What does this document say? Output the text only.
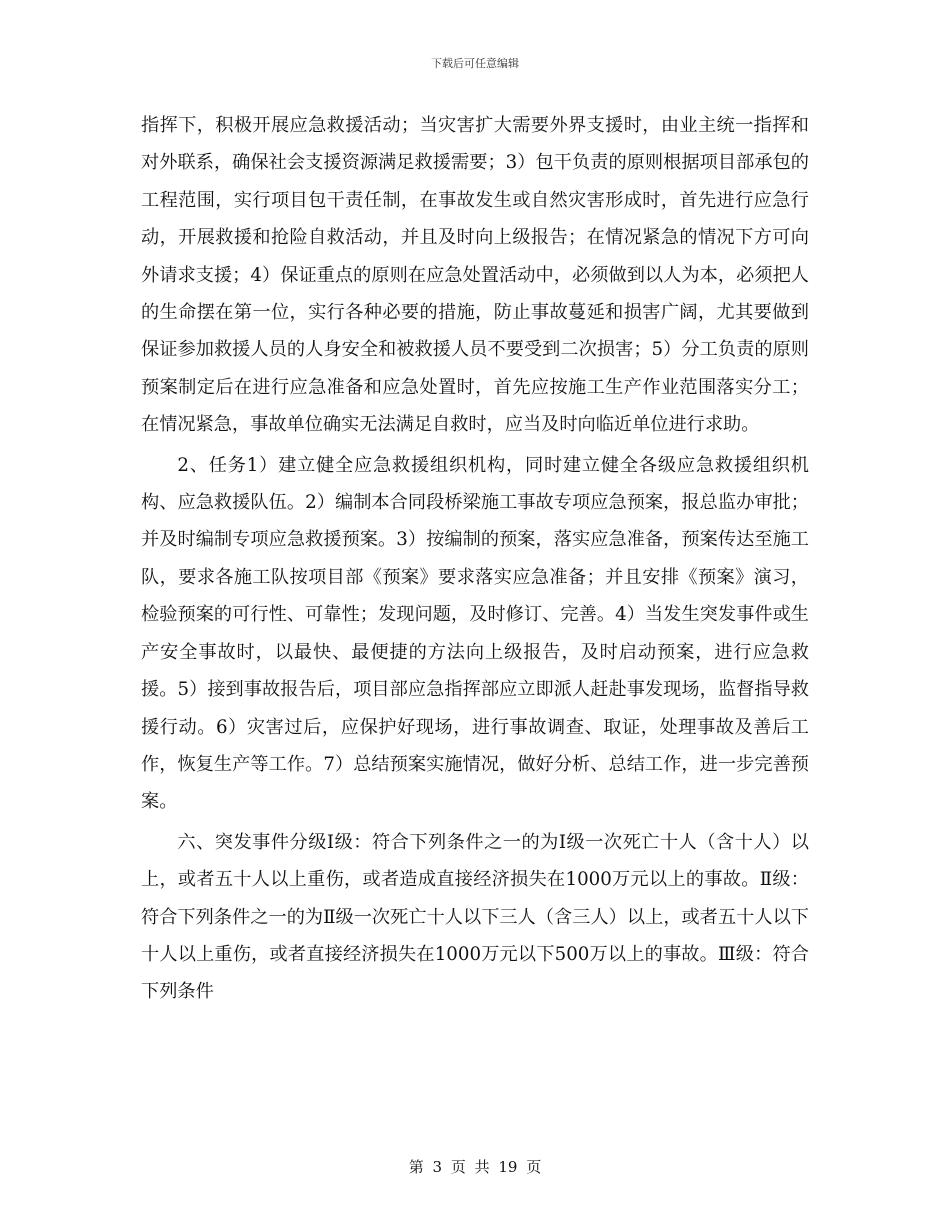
下载后可任意编辑

指挥下，积极开展应急救援活动；当灾害扩大需要外界支援时，由业主统一指挥和对外联系，确保社会支援资源满足救援需要；3）包干负责的原则根据项目部承包的工程范围，实行项目包干责任制，在事故发生或自然灾害形成时，首先进行应急行动，开展救援和抢险自救活动，并且及时向上级报告；在情况紧急的情况下方可向外请求支援；4）保证重点的原则在应急处置活动中，必须做到以人为本，必须把人的生命摆在第一位，实行各种必要的措施，防止事故蔓延和损害广阔，尤其要做到保证参加救援人员的人身安全和被救援人员不要受到二次损害；5）分工负责的原则预案制定后在进行应急准备和应急处置时，首先应按施工生产作业范围落实分工；在情况紧急，事故单位确实无法满足自救时，应当及时向临近单位进行求助。

2、任务1）建立健全应急救援组织机构，同时建立健全各级应急救援组织机构、应急救援队伍。2）编制本合同段桥梁施工事故专项应急预案，报总监办审批；并及时编制专项应急救援预案。3）按编制的预案，落实应急准备，预案传达至施工队，要求各施工队按项目部《预案》要求落实应急准备；并且安排《预案》演习，检验预案的可行性、可靠性；发现问题，及时修订、完善。4）当发生突发事件或生产安全事故时，以最快、最便捷的方法向上级报告，及时启动预案，进行应急救援。5）接到事故报告后，项目部应急指挥部应立即派人赶赴事发现场，监督指导救援行动。6）灾害过后，应保护好现场，进行事故调查、取证，处理事故及善后工作，恢复生产等工作。7）总结预案实施情况，做好分析、总结工作，进一步完善预案。

六、突发事件分级Ⅰ级：符合下列条件之一的为Ⅰ级一次死亡十人（含十人）以上，或者五十人以上重伤，或者造成直接经济损失在1000万元以上的事故。Ⅱ级：符合下列条件之一的为Ⅱ级一次死亡十人以下三人（含三人）以上，或者五十人以下十人以上重伤，或者直接经济损失在1000万元以下500万以上的事故。Ⅲ级：符合下列条件

第 3 页 共 19 页
